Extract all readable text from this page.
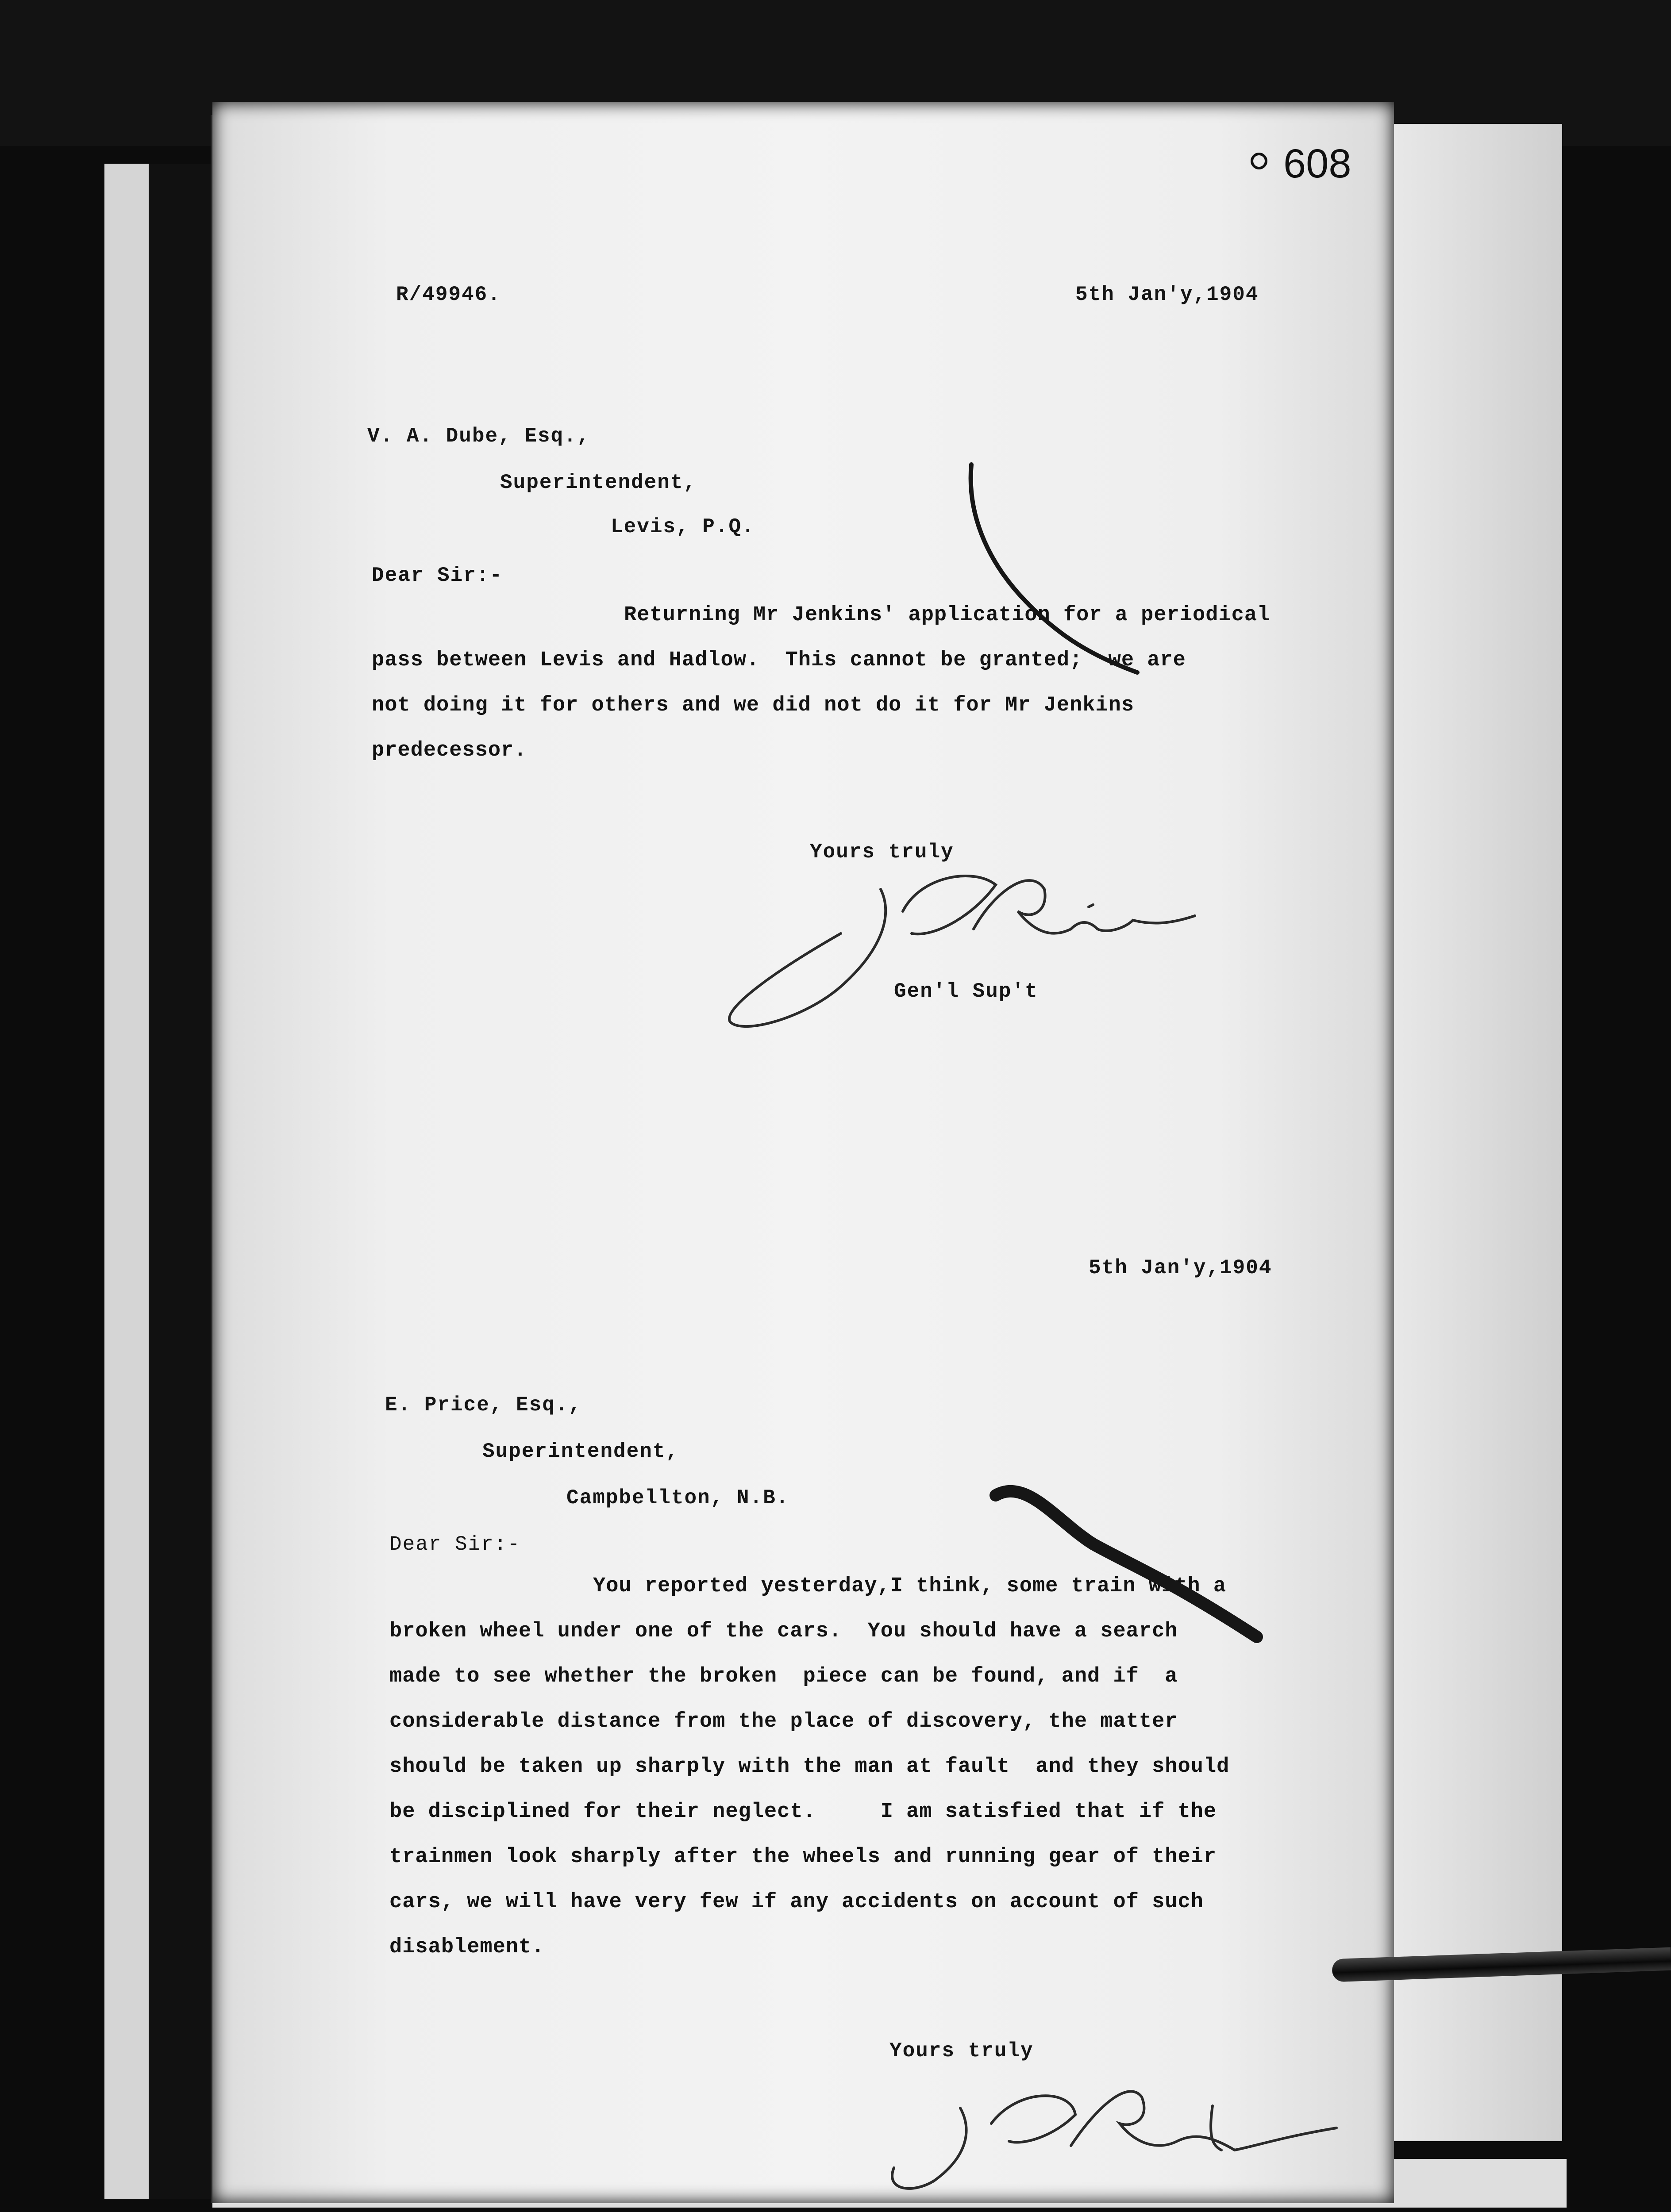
608
R/49946.	5th Jan'y,1904
V. A. Dube, Esq.,
Superintendent,
Levis, P.Q.
Dear Sir:-
Returning Mr Jenkins' application for a periodical
pass between Levis and Hadlow.  This cannot be granted;  we are
not doing it for others and we did not do it for Mr Jenkins
predecessor.
Yours truly
Gen'l Sup't
5th Jan'y,1904
E. Price, Esq.,
Superintendent,
Campbellton, N.B.
Dear Sir:-
You reported yesterday,I think, some train with a
broken wheel under one of the cars.  You should have a search
made to see whether the broken  piece can be found, and if  a
considerable distance from the place of discovery, the matter
should be taken up sharply with the man at fault  and they should
be disciplined for their neglect.     I am satisfied that if the
trainmen look sharply after the wheels and running gear of their
cars, we will have very few if any accidents on account of such
disablement.
Yours truly
